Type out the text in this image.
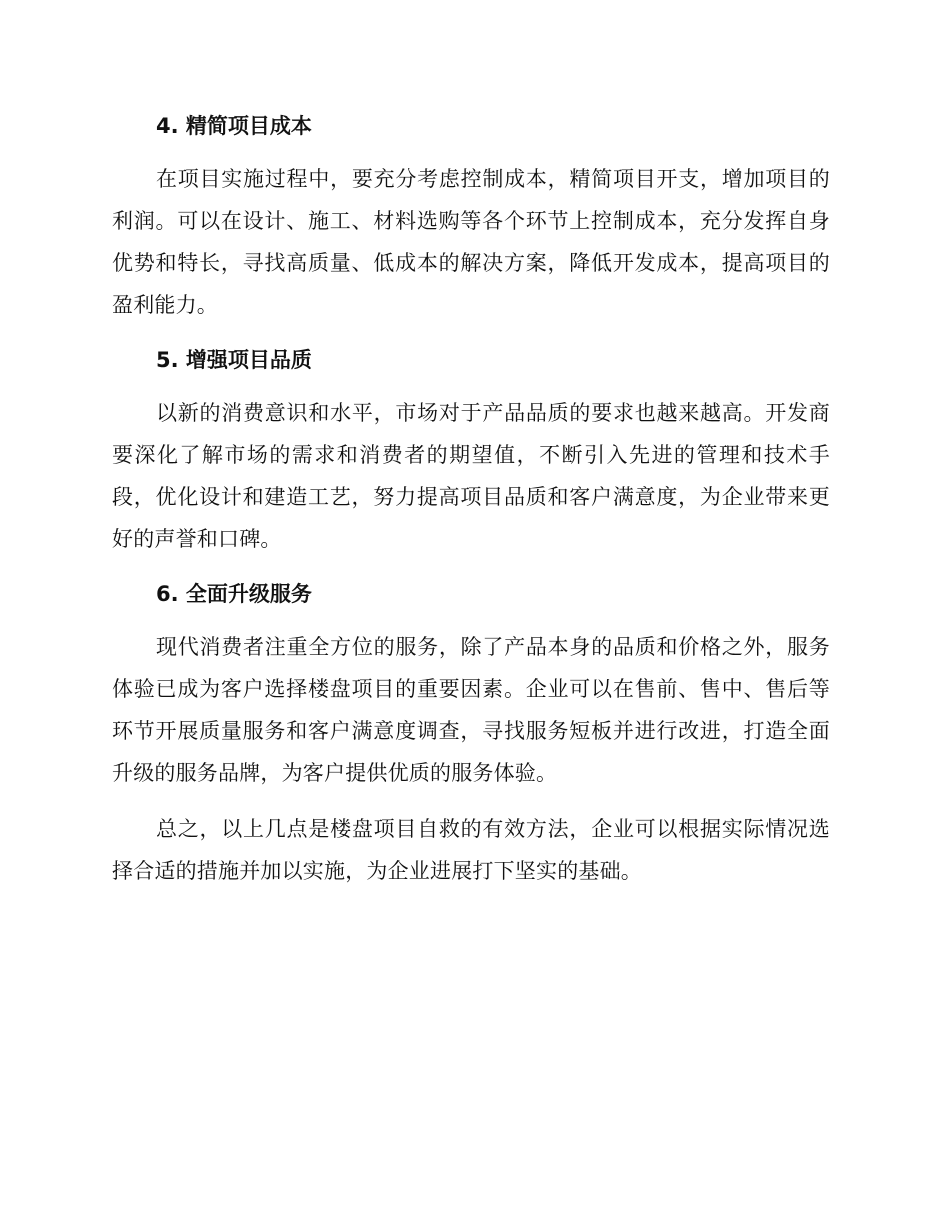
4. 精简项目成本

在项目实施过程中，要充分考虑控制成本，精简项目开支，增加项目的利润。可以在设计、施工、材料选购等各个环节上控制成本，充分发挥自身优势和特长，寻找高质量、低成本的解决方案，降低开发成本，提高项目的盈利能力。

5. 增强项目品质

以新的消费意识和水平，市场对于产品品质的要求也越来越高。开发商要深化了解市场的需求和消费者的期望值，不断引入先进的管理和技术手段，优化设计和建造工艺，努力提高项目品质和客户满意度，为企业带来更好的声誉和口碑。

6. 全面升级服务

现代消费者注重全方位的服务，除了产品本身的品质和价格之外，服务体验已成为客户选择楼盘项目的重要因素。企业可以在售前、售中、售后等环节开展质量服务和客户满意度调查，寻找服务短板并进行改进，打造全面升级的服务品牌，为客户提供优质的服务体验。

总之，以上几点是楼盘项目自救的有效方法，企业可以根据实际情况选择合适的措施并加以实施，为企业进展打下坚实的基础。
